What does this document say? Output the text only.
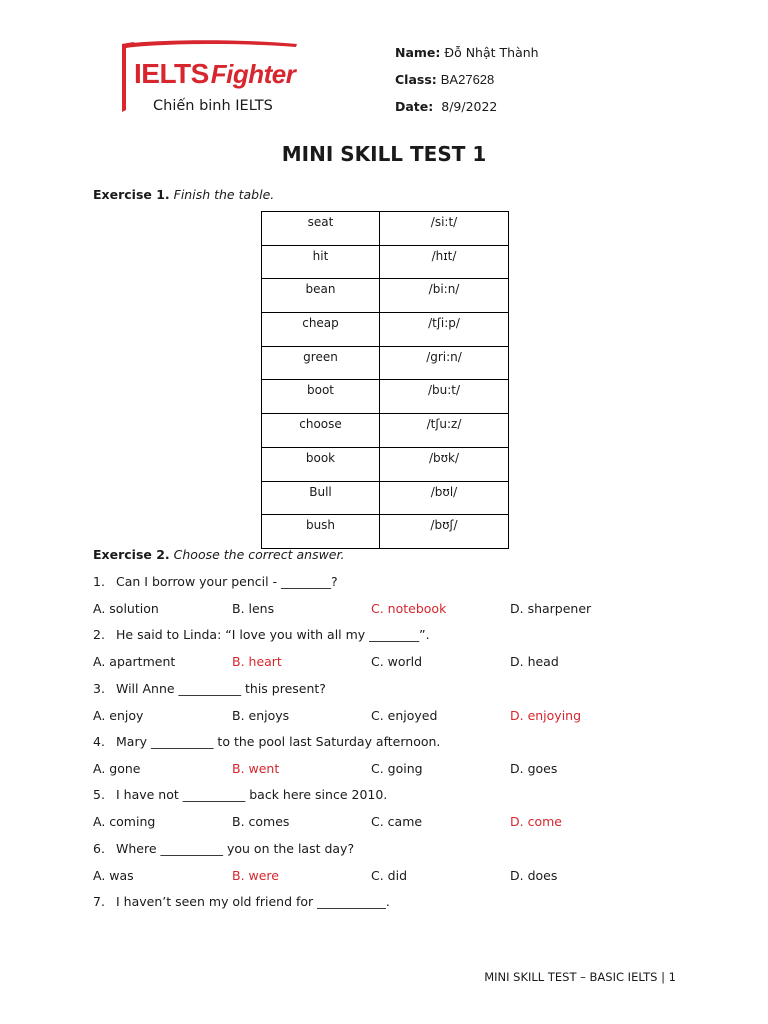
IELTSFighter
Chiến binh IELTS
Name: Đỗ Nhật Thành
Class: BA27628
Date: 8/9/2022
MINI SKILL TEST 1
Exercise 1. Finish the table.
seat	/si:t/
hit	/hɪt/
bean	/bi:n/
cheap	/tʃi:p/
green	/gri:n/
boot	/bu:t/
choose	/tʃu:z/
book	/bʊk/
Bull	/bʊl/
bush	/bʊʃ/
Exercise 2. Choose the correct answer.
1. Can I borrow your pencil - ________?
A. solution	B. lens	C. notebook	D. sharpener
2. He said to Linda: “I love you with all my ________”.
A. apartment	B. heart	C. world	D. head
3. Will Anne __________ this present?
A. enjoy	B. enjoys	C. enjoyed	D. enjoying
4. Mary __________ to the pool last Saturday afternoon.
A. gone	B. went	C. going	D. goes
5. I have not __________ back here since 2010.
A. coming	B. comes	C. came	D. come
6. Where __________ you on the last day?
A. was	B. were	C. did	D. does
7. I haven’t seen my old friend for ___________.
MINI SKILL TEST – BASIC IELTS | 1
